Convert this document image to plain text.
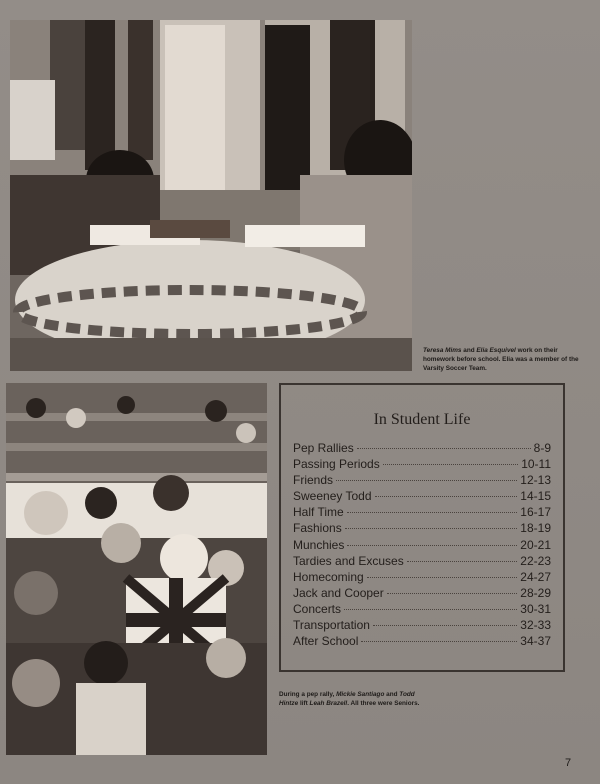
Teresa Mims and Elia Esquivel work on their homework before school. Elia was a member of the Varsity Soccer Team.

In Student Life
Pep Rallies	8-9
Passing Periods	10-11
Friends	12-13
Sweeney Todd	14-15
Half Time	16-17
Fashions	18-19
Munchies	20-21
Tardies and Excuses	22-23
Homecoming	24-27
Jack and Cooper	28-29
Concerts	30-31
Transportation	32-33
After School	34-37

During a pep rally, Mickie Santiago and Todd Hintze lift Leah Brazell. All three were Seniors.

7
